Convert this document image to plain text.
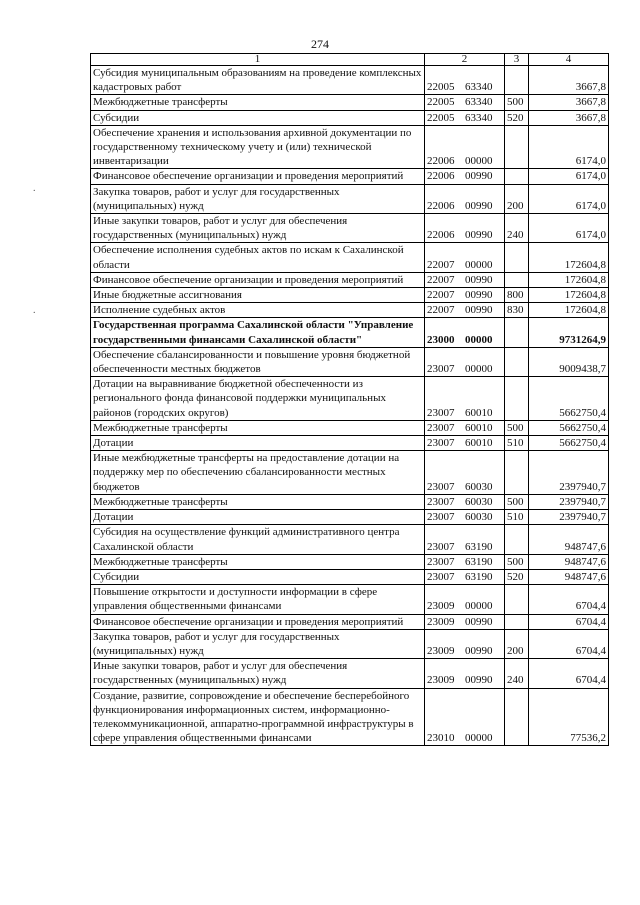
274
1	2	3	4
Субсидия муниципальным образованиям на проведение комплексных кадастровых работ	22005 63340		3667,8
Межбюджетные трансферты	22005 63340	500	3667,8
Субсидии	22005 63340	520	3667,8
Обеспечение хранения и использования архивной документации по государственному техническому учету и (или) технической инвентаризации	22006 00000		6174,0
Финансовое обеспечение организации и проведения мероприятий	22006 00990		6174,0
Закупка товаров, работ и услуг для государственных (муниципальных) нужд	22006 00990	200	6174,0
Иные закупки товаров, работ и услуг для обеспечения государственных (муниципальных) нужд	22006 00990	240	6174,0
Обеспечение исполнения судебных актов по искам к Сахалинской области	22007 00000		172604,8
Финансовое обеспечение организации и проведения мероприятий	22007 00990		172604,8
Иные бюджетные ассигнования	22007 00990	800	172604,8
Исполнение судебных актов	22007 00990	830	172604,8
Государственная программа Сахалинской области "Управление государственными финансами Сахалинской области"	23000 00000		9731264,9
Обеспечение сбалансированности и повышение уровня бюджетной обеспеченности местных бюджетов	23007 00000		9009438,7
Дотации на выравнивание бюджетной обеспеченности из регионального фонда финансовой поддержки муниципальных районов (городских округов)	23007 60010		5662750,4
Межбюджетные трансферты	23007 60010	500	5662750,4
Дотации	23007 60010	510	5662750,4
Иные межбюджетные трансферты на предоставление дотации на поддержку мер по обеспечению сбалансированности местных бюджетов	23007 60030		2397940,7
Межбюджетные трансферты	23007 60030	500	2397940,7
Дотации	23007 60030	510	2397940,7
Субсидия на осуществление функций административного центра Сахалинской области	23007 63190		948747,6
Межбюджетные трансферты	23007 63190	500	948747,6
Субсидии	23007 63190	520	948747,6
Повышение открытости и доступности информации в сфере управления общественными финансами	23009 00000		6704,4
Финансовое обеспечение организации и проведения мероприятий	23009 00990		6704,4
Закупка товаров, работ и услуг для государственных (муниципальных) нужд	23009 00990	200	6704,4
Иные закупки товаров, работ и услуг для обеспечения государственных (муниципальных) нужд	23009 00990	240	6704,4
Создание, развитие, сопровождение и обеспечение бесперебойного функционирования информационных систем, информационно-телекоммуникационной, аппаратно-программной инфраструктуры в сфере управления общественными финансами	23010 00000		77536,2
.
.
